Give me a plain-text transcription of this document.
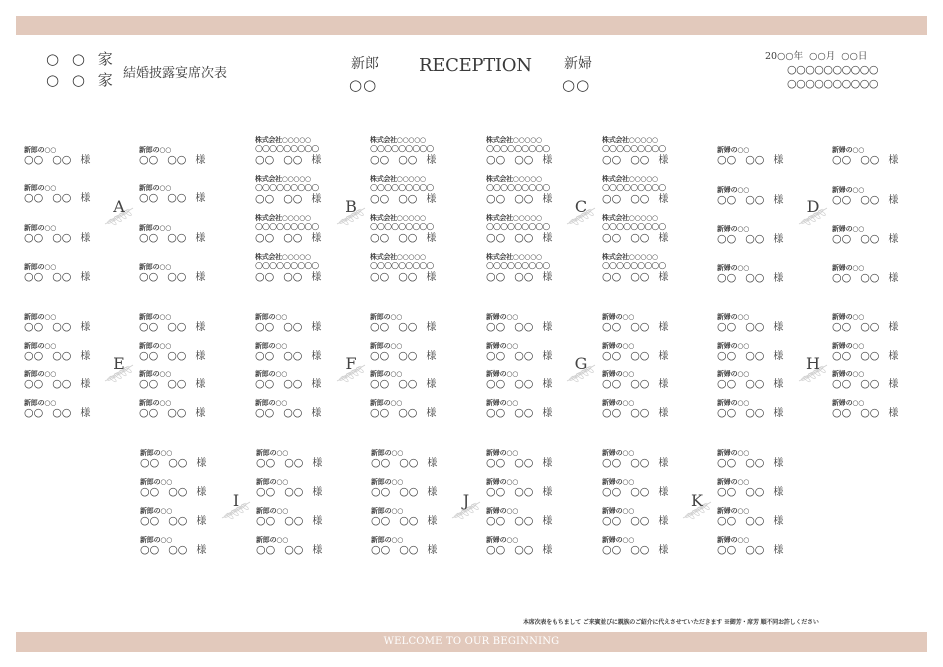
○ ○ 家
○ ○ 家 結婚披露宴席次表
新郎
○○
RECEPTION 新婦
○○
20○○年 ○○月 ○○日
○○○○○○○○○○
○○○○○○○○○○
新郎の○○
○○ ○○ 様
新郎の○○
○○ ○○ 様
新郎の○○
○○ ○○ 様
新郎の○○
○○ ○○ 様
新郎の○○
○○ ○○ 様
新郎の○○
○○ ○○ 様
新郎の○○
○○ ○○ 様
新郎の○○
○○ ○○ 様
A
株式会社○○○○○
○○○○○○○○○
○○ ○○ 様
株式会社○○○○○
○○○○○○○○○
○○ ○○ 様
株式会社○○○○○
○○○○○○○○○
○○ ○○ 様
株式会社○○○○○
○○○○○○○○○
○○ ○○ 様
株式会社○○○○○
○○○○○○○○○
○○ ○○ 様
株式会社○○○○○
○○○○○○○○○
○○ ○○ 様
株式会社○○○○○
○○○○○○○○○
○○ ○○ 様
株式会社○○○○○
○○○○○○○○○
○○ ○○ 様
B
株式会社○○○○○
○○○○○○○○○
○○ ○○ 様
株式会社○○○○○
○○○○○○○○○
○○ ○○ 様
株式会社○○○○○
○○○○○○○○○
○○ ○○ 様
株式会社○○○○○
○○○○○○○○○
○○ ○○ 様
株式会社○○○○○
○○○○○○○○○
○○ ○○ 様
株式会社○○○○○
○○○○○○○○○
○○ ○○ 様
株式会社○○○○○
○○○○○○○○○
○○ ○○ 様
株式会社○○○○○
○○○○○○○○○
○○ ○○ 様
C
新婦の○○
○○ ○○ 様
新婦の○○
○○ ○○ 様
新婦の○○
○○ ○○ 様
新婦の○○
○○ ○○ 様
新婦の○○
○○ ○○ 様
新婦の○○
○○ ○○ 様
新婦の○○
○○ ○○ 様
新婦の○○
○○ ○○ 様
D
新郎の○○
○○ ○○ 様
新郎の○○
○○ ○○ 様
新郎の○○
○○ ○○ 様
新郎の○○
○○ ○○ 様
新郎の○○
○○ ○○ 様
新郎の○○
○○ ○○ 様
新郎の○○
○○ ○○ 様
新郎の○○
○○ ○○ 様
E
新郎の○○
○○ ○○ 様
新郎の○○
○○ ○○ 様
新郎の○○
○○ ○○ 様
新郎の○○
○○ ○○ 様
新郎の○○
○○ ○○ 様
新郎の○○
○○ ○○ 様
新郎の○○
○○ ○○ 様
新郎の○○
○○ ○○ 様
F
新婦の○○
○○ ○○ 様
新婦の○○
○○ ○○ 様
新婦の○○
○○ ○○ 様
新婦の○○
○○ ○○ 様
新婦の○○
○○ ○○ 様
新婦の○○
○○ ○○ 様
新婦の○○
○○ ○○ 様
新婦の○○
○○ ○○ 様
G
新婦の○○
○○ ○○ 様
新婦の○○
○○ ○○ 様
新婦の○○
○○ ○○ 様
新婦の○○
○○ ○○ 様
新婦の○○
○○ ○○ 様
新婦の○○
○○ ○○ 様
新婦の○○
○○ ○○ 様
新婦の○○
○○ ○○ 様
H
新郎の○○
○○ ○○ 様
新郎の○○
○○ ○○ 様
新郎の○○
○○ ○○ 様
新郎の○○
○○ ○○ 様
新郎の○○
○○ ○○ 様
新郎の○○
○○ ○○ 様
新郎の○○
○○ ○○ 様
新郎の○○
○○ ○○ 様
I
新郎の○○
○○ ○○ 様
新郎の○○
○○ ○○ 様
新郎の○○
○○ ○○ 様
新郎の○○
○○ ○○ 様
新婦の○○
○○ ○○ 様
新婦の○○
○○ ○○ 様
新婦の○○
○○ ○○ 様
新婦の○○
○○ ○○ 様
J
新婦の○○
○○ ○○ 様
新婦の○○
○○ ○○ 様
新婦の○○
○○ ○○ 様
新婦の○○
○○ ○○ 様
新婦の○○
○○ ○○ 様
新婦の○○
○○ ○○ 様
新婦の○○
○○ ○○ 様
新婦の○○
○○ ○○ 様
K
本席次表をもちまして ご来賓並びに親族のご紹介に代えさせていただきます ※御芳・席芳 順不同お許しください
WELCOME TO OUR BEGINNING
